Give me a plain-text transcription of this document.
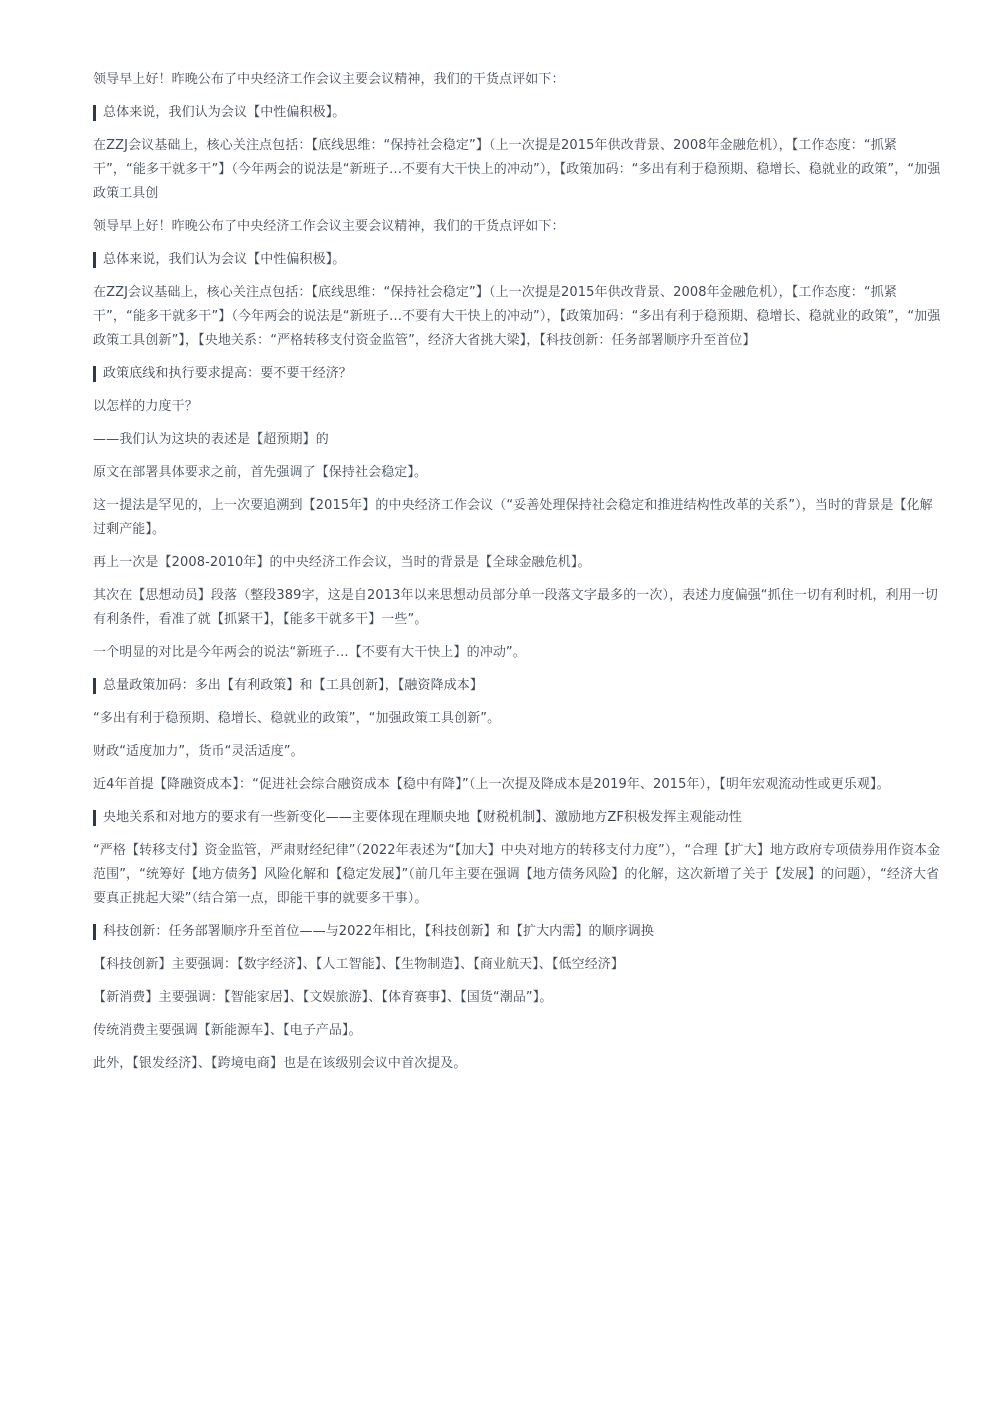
领导早上好！昨晚公布了中央经济工作会议主要会议精神，我们的干货点评如下：

总体来说，我们认为会议【中性偏积极】。

在ZZJ会议基础上，核心关注点包括：【底线思维：“保持社会稳定”】（上一次提是2015年供改背景、2008年金融危机），【工作态度：“抓紧干”，“能多干就多干”】（今年两会的说法是“新班子…不要有大干快上的冲动”），【政策加码：“多出有利于稳预期、稳增长、稳就业的政策”，“加强政策工具创

领导早上好！昨晚公布了中央经济工作会议主要会议精神，我们的干货点评如下：

总体来说，我们认为会议【中性偏积极】。

在ZZJ会议基础上，核心关注点包括：【底线思维：“保持社会稳定”】（上一次提是2015年供改背景、2008年金融危机），【工作态度：“抓紧干”，“能多干就多干”】（今年两会的说法是“新班子…不要有大干快上的冲动”），【政策加码：“多出有利于稳预期、稳增长、稳就业的政策”，“加强政策工具创新”】，【央地关系：“严格转移支付资金监管”，经济大省挑大梁】，【科技创新：任务部署顺序升至首位】

政策底线和执行要求提高：要不要干经济？

以怎样的力度干？

——我们认为这块的表述是【超预期】的

原文在部署具体要求之前，首先强调了【保持社会稳定】。

这一提法是罕见的，上一次要追溯到【2015年】的中央经济工作会议（“妥善处理保持社会稳定和推进结构性改革的关系”），当时的背景是【化解过剩产能】。

再上一次是【2008-2010年】的中央经济工作会议，当时的背景是【全球金融危机】。

其次在【思想动员】段落（整段389字，这是自2013年以来思想动员部分单一段落文字最多的一次），表述力度偏强“抓住一切有利时机，利用一切有利条件，看准了就【抓紧干】，【能多干就多干】一些”。

一个明显的对比是今年两会的说法“新班子…【不要有大干快上】的冲动”。

总量政策加码：多出【有利政策】和【工具创新】，【融资降成本】

“多出有利于稳预期、稳增长、稳就业的政策”，“加强政策工具创新”。

财政“适度加力”，货币“灵活适度”。

近4年首提【降融资成本】：“促进社会综合融资成本【稳中有降】”（上一次提及降成本是2019年、2015年），【明年宏观流动性或更乐观】。

央地关系和对地方的要求有一些新变化——主要体现在理顺央地【财税机制】、激励地方ZF积极发挥主观能动性

“严格【转移支付】资金监管，严肃财经纪律”（2022年表述为“【加大】中央对地方的转移支付力度”），“合理【扩大】地方政府专项债券用作资本金范围”，“统筹好【地方债务】风险化解和【稳定发展】”（前几年主要在强调【地方债务风险】的化解，这次新增了关于【发展】的问题），“经济大省要真正挑起大梁”（结合第一点，即能干事的就要多干事）。

科技创新：任务部署顺序升至首位——与2022年相比，【科技创新】和【扩大内需】的顺序调换

【科技创新】主要强调：【数字经济】、【人工智能】、【生物制造】、【商业航天】、【低空经济】

【新消费】主要强调：【智能家居】、【文娱旅游】、【体育赛事】、【国货“潮品”】。

传统消费主要强调【新能源车】、【电子产品】。

此外，【银发经济】、【跨境电商】也是在该级别会议中首次提及。
